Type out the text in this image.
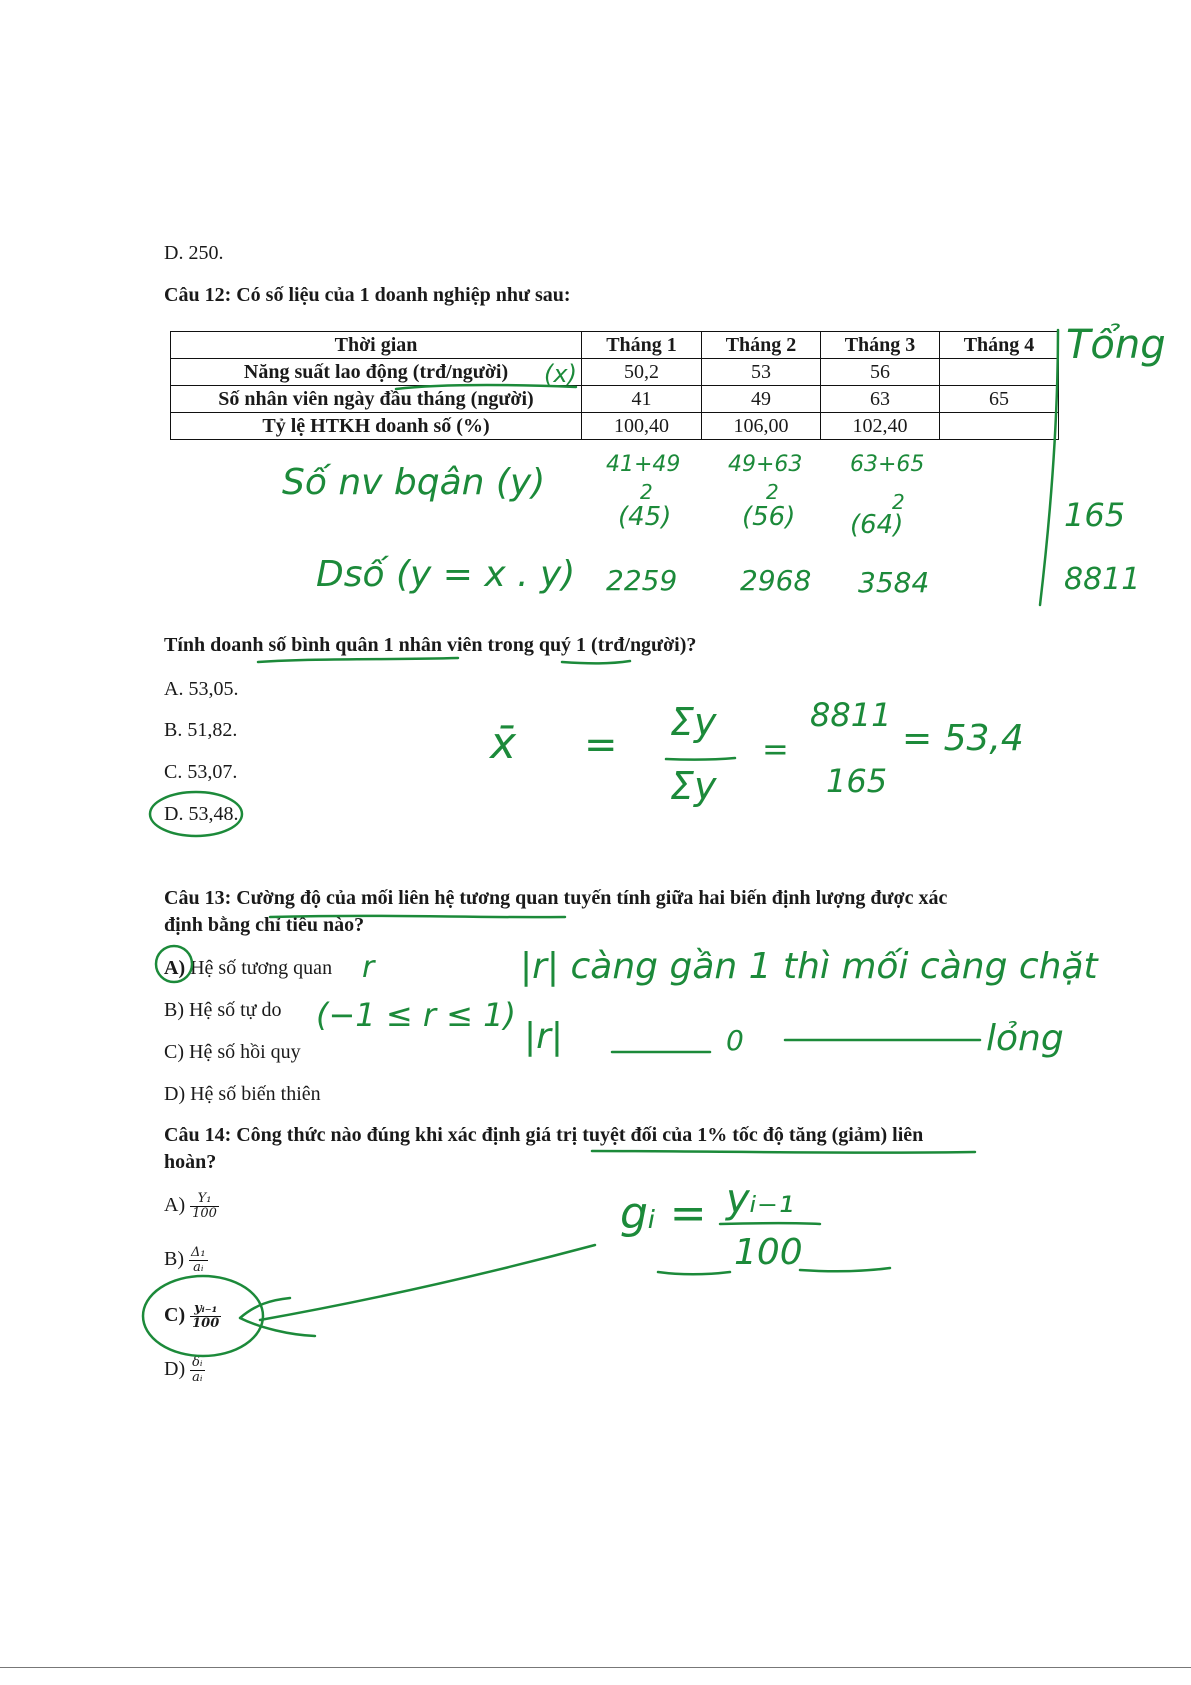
D. 250.
Câu 12: Có số liệu của 1 doanh nghiệp như sau:
Thời gian	Tháng 1	Tháng 2	Tháng 3	Tháng 4
Năng suất lao động (trđ/người)	50,2	53	56	
Số nhân viên ngày đầu tháng (người)	41	49	63	65
Tỷ lệ HTKH doanh số (%)	100,40	106,00	102,40	
Tính doanh số bình quân 1 nhân viên trong quý 1 (trđ/người)?
A. 53,05.
B. 51,82.
C. 53,07.
D. 53,48.
Câu 13: Cường độ của mối liên hệ tương quan tuyến tính giữa hai biến định lượng được xác
định bằng chỉ tiêu nào?
A) Hệ số tương quan
B) Hệ số tự do
C) Hệ số hồi quy
D) Hệ số biến thiên
Câu 14: Công thức nào đúng khi xác định giá trị tuyệt đối của 1% tốc độ tăng (giảm) liên
hoàn?
$A) \frac{\text{Y₁}}{100}$
$B) \frac{\text{Δ₁}}{\text{aᵢ}}$
$C) \frac{\text{yᵢ₋₁}}{100}$
$D) \frac{\text{δᵢ}}{\text{aᵢ}}$
Tổng
(x)
Số nv bqân (y)	41+49 49+63 63+65
2	2	2
(45)	(56) (64)	165
Dsố (y = x . y) 2259 2968 3584	8811
x̄ = Σy
Σy
=
8811
165
= 53,4
r
(−1 ≤ r ≤ 1)
|r| càng gần 1 thì mối càng chặt
|r|	0	lỏng
gᵢ = yᵢ₋₁
100
